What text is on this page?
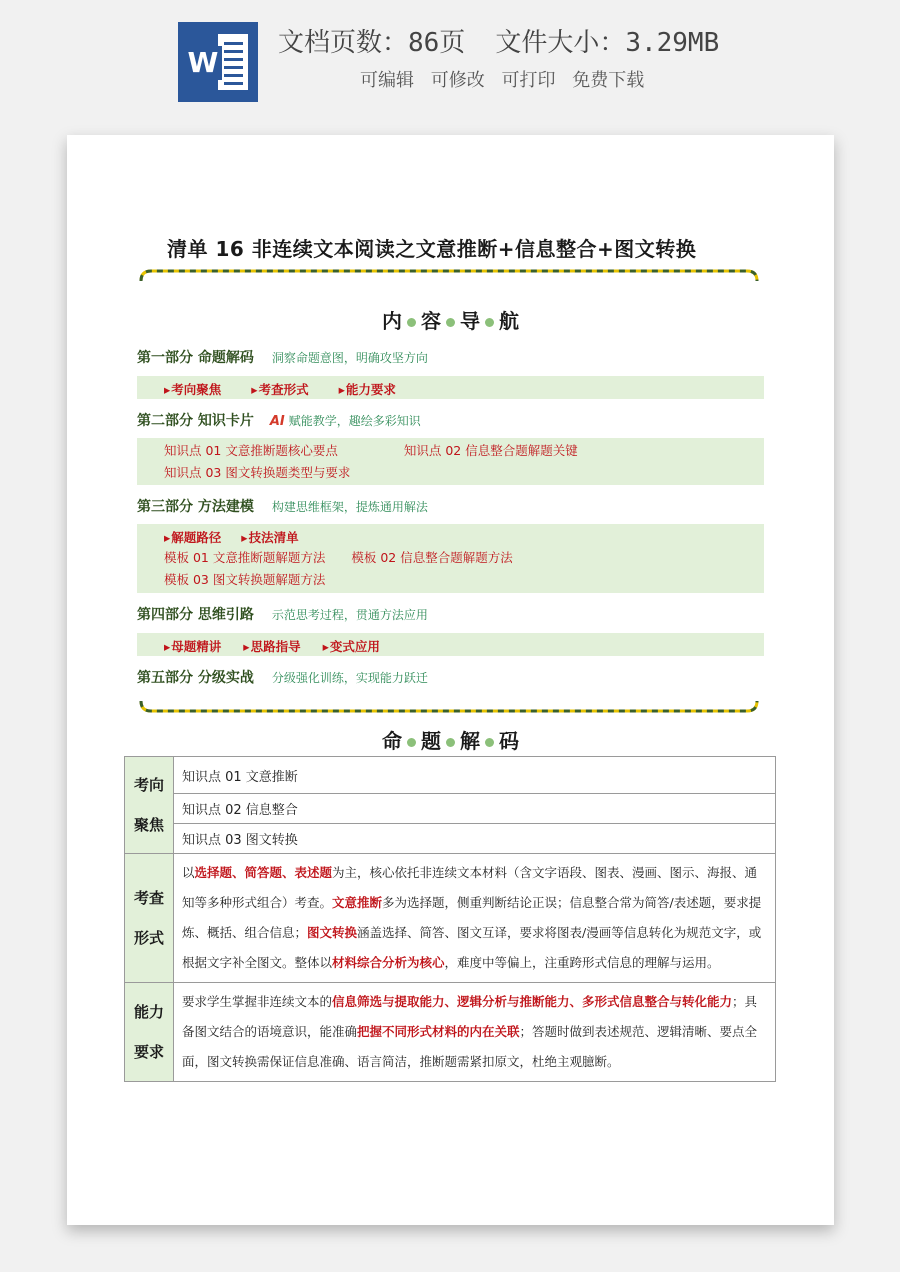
W
文档页数：86页 文件大小：3.29MB
可编辑 可修改 可打印 免费下载
清单 16 非连续文本阅读之文意推断+信息整合+图文转换
内 容 导 航
第一部分 命题解码 洞察命题意图，明确攻坚方向
▸ 考向聚焦	▸ 考查形式	▸ 能力要求
第二部分 知识卡片 AI 赋能教学，趣绘多彩知识
知识点 01 文意推断题核心要点	知识点 02 信息整合题解题关键
知识点 03 图文转换题类型与要求
第三部分 方法建模 构建思维框架，提炼通用解法
▸ 解题路径 ▸ 技法清单
模板 01 文意推断题解题方法 模板 02 信息整合题解题方法
模板 03 图文转换题解题方法
第四部分 思维引路 示范思考过程，贯通方法应用
▸ 母题精讲 ▸ 思路指导 ▸ 变式应用
第五部分 分级实战 分级强化训练，实现能力跃迁
命 题 解 码
考向聚焦	知识点 01 文意推断
	知识点 02 信息整合
	知识点 03 图文转换
考查形式	以选择题、简答题、表述题为主，核心依托非连续文本材料（含文字语段、图表、漫画、图示、海报、通知等多种形式组合）考查。文意推断多为选择题，侧重判断结论正误；信息整合常为简答/表述题，要求提炼、概括、组合信息；图文转换涵盖选择、简答、图文互译，要求将图表/漫画等信息转化为规范文字，或根据文字补全图文。整体以材料综合分析为核心，难度中等偏上，注重跨形式信息的理解与运用。
能力要求	要求学生掌握非连续文本的信息筛选与提取能力、逻辑分析与推断能力、多形式信息整合与转化能力；具备图文结合的语境意识，能准确把握不同形式材料的内在关联；答题时做到表述规范、逻辑清晰、要点全面，图文转换需保证信息准确、语言简洁，推断题需紧扣原文，杜绝主观臆断。
